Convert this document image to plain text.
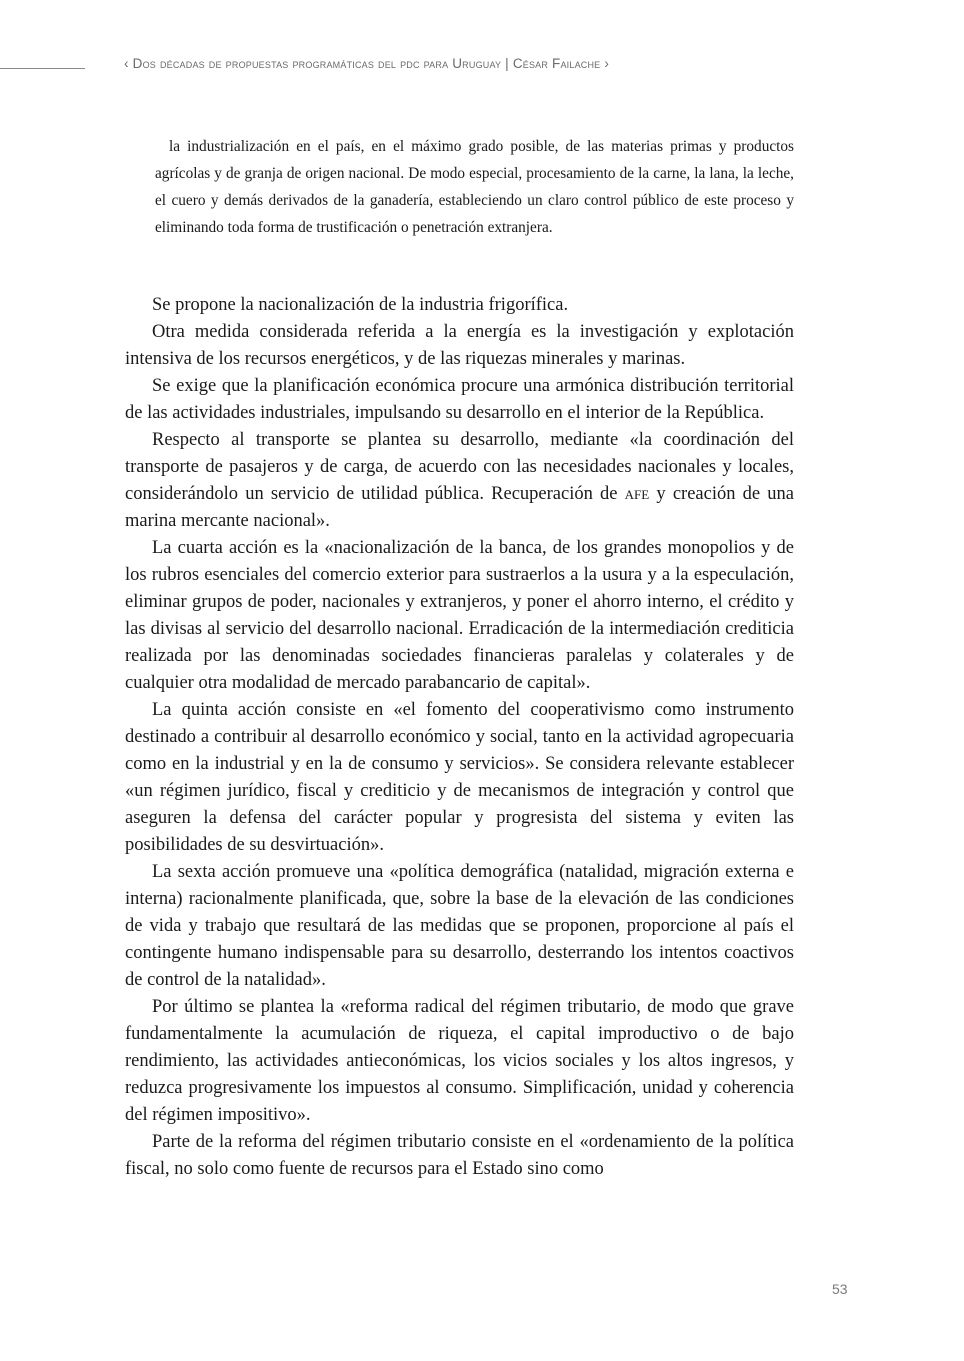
‹ Dos décadas de propuestas programáticas del pdc para Uruguay | César Failache ›

la industrialización en el país, en el máximo grado posible, de las materias primas y productos agrícolas y de granja de origen nacional. De modo especial, procesamiento de la carne, la lana, la leche, el cuero y demás derivados de la ganadería, estableciendo un claro control público de este proceso y eliminando toda forma de trustificación o penetración extranjera.

Se propone la nacionalización de la industria frigorífica.

Otra medida considerada referida a la energía es la investigación y explotación intensiva de los recursos energéticos, y de las riquezas minerales y marinas.

Se exige que la planificación económica procure una armónica distribución territorial de las actividades industriales, impulsando su desarrollo en el interior de la República.

Respecto al transporte se plantea su desarrollo, mediante «la coordinación del transporte de pasajeros y de carga, de acuerdo con las necesidades nacionales y locales, considerándolo un servicio de utilidad pública. Recuperación de afe y creación de una marina mercante nacional».

La cuarta acción es la «nacionalización de la banca, de los grandes monopolios y de los rubros esenciales del comercio exterior para sustraerlos a la usura y a la especulación, eliminar grupos de poder, nacionales y extranjeros, y poner el ahorro interno, el crédito y las divisas al servicio del desarrollo nacional. Erradicación de la intermediación crediticia realizada por las denominadas sociedades financieras paralelas y colaterales y de cualquier otra modalidad de mercado parabancario de capital».

La quinta acción consiste en «el fomento del cooperativismo como instrumento destinado a contribuir al desarrollo económico y social, tanto en la actividad agropecuaria como en la industrial y en la de consumo y servicios». Se considera relevante establecer «un régimen jurídico, fiscal y crediticio y de mecanismos de integración y control que aseguren la defensa del carácter popular y progresista del sistema y eviten las posibilidades de su desvirtuación».

La sexta acción promueve una «política demográfica (natalidad, migración externa e interna) racionalmente planificada, que, sobre la base de la elevación de las condiciones de vida y trabajo que resultará de las medidas que se proponen, proporcione al país el contingente humano indispensable para su desarrollo, desterrando los intentos coactivos de control de la natalidad».

Por último se plantea la «reforma radical del régimen tributario, de modo que grave fundamentalmente la acumulación de riqueza, el capital improductivo o de bajo rendimiento, las actividades antieconómicas, los vicios sociales y los altos ingresos, y reduzca progresivamente los impuestos al consumo. Simplificación, unidad y coherencia del régimen impositivo».

Parte de la reforma del régimen tributario consiste en el «ordenamiento de la política fiscal, no solo como fuente de recursos para el Estado sino como

53
